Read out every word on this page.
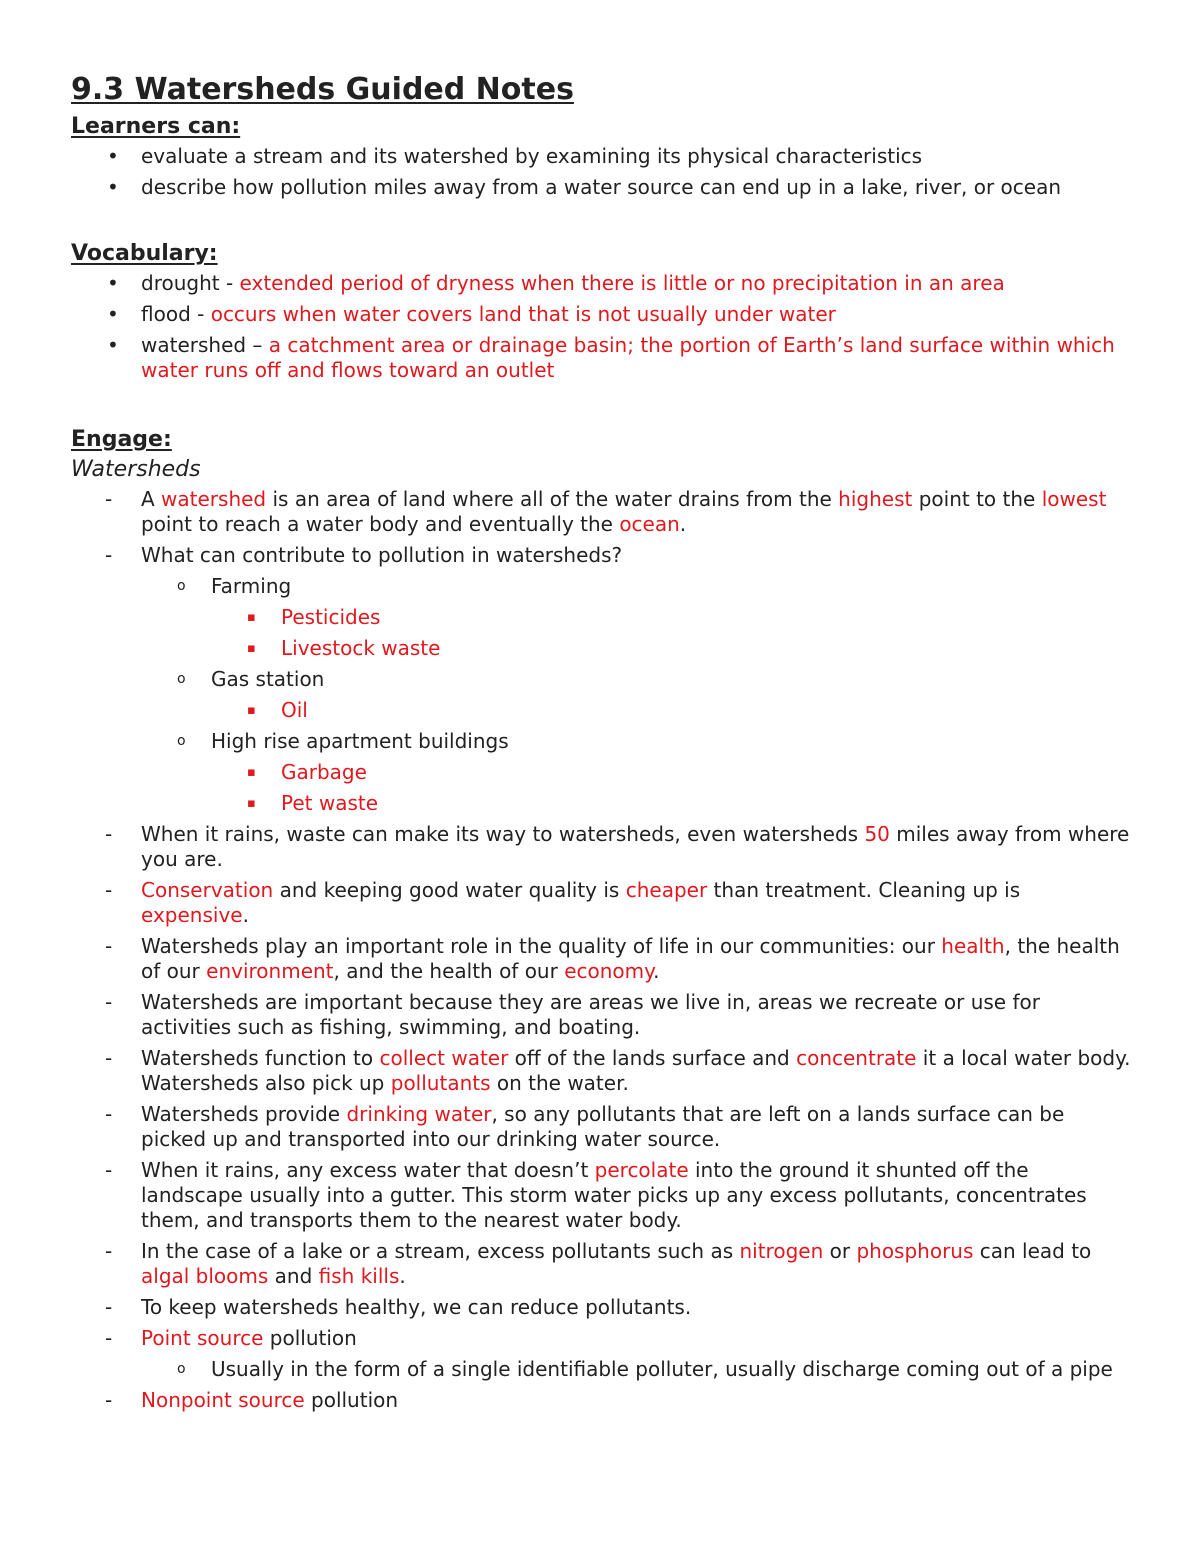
9.3 Watersheds Guided Notes
Learners can:
• evaluate a stream and its watershed by examining its physical characteristics
• describe how pollution miles away from a water source can end up in a lake, river, or ocean
Vocabulary:
• drought - extended period of dryness when there is little or no precipitation in an area
• flood - occurs when water covers land that is not usually under water
• watershed – a catchment area or drainage basin; the portion of Earth’s land surface within which water runs off and flows toward an outlet
Engage:

Watersheds

- A watershed is an area of land where all of the water drains from the highest point to the lowest point to reach a water body and eventually the ocean.
- What can contribute to pollution in watersheds?
o Farming
▪ Pesticides
▪ Livestock waste
o Gas station
▪ Oil
o High rise apartment buildings
▪ Garbage
▪ Pet waste
- When it rains, waste can make its way to watersheds, even watersheds 50 miles away from where you are.
- Conservation and keeping good water quality is cheaper than treatment. Cleaning up is expensive.
- Watersheds play an important role in the quality of life in our communities: our health, the health of our environment, and the health of our economy.
- Watersheds are important because they are areas we live in, areas we recreate or use for activities such as fishing, swimming, and boating.
- Watersheds function to collect water off of the lands surface and concentrate it a local water body. Watersheds also pick up pollutants on the water.
- Watersheds provide drinking water, so any pollutants that are left on a lands surface can be picked up and transported into our drinking water source.
- When it rains, any excess water that doesn’t percolate into the ground it shunted off the landscape usually into a gutter. This storm water picks up any excess pollutants, concentrates them, and transports them to the nearest water body.
- In the case of a lake or a stream, excess pollutants such as nitrogen or phosphorus can lead to algal blooms and fish kills.
- To keep watersheds healthy, we can reduce pollutants.
- Point source pollution
o Usually in the form of a single identifiable polluter, usually discharge coming out of a pipe
- Nonpoint source pollution
